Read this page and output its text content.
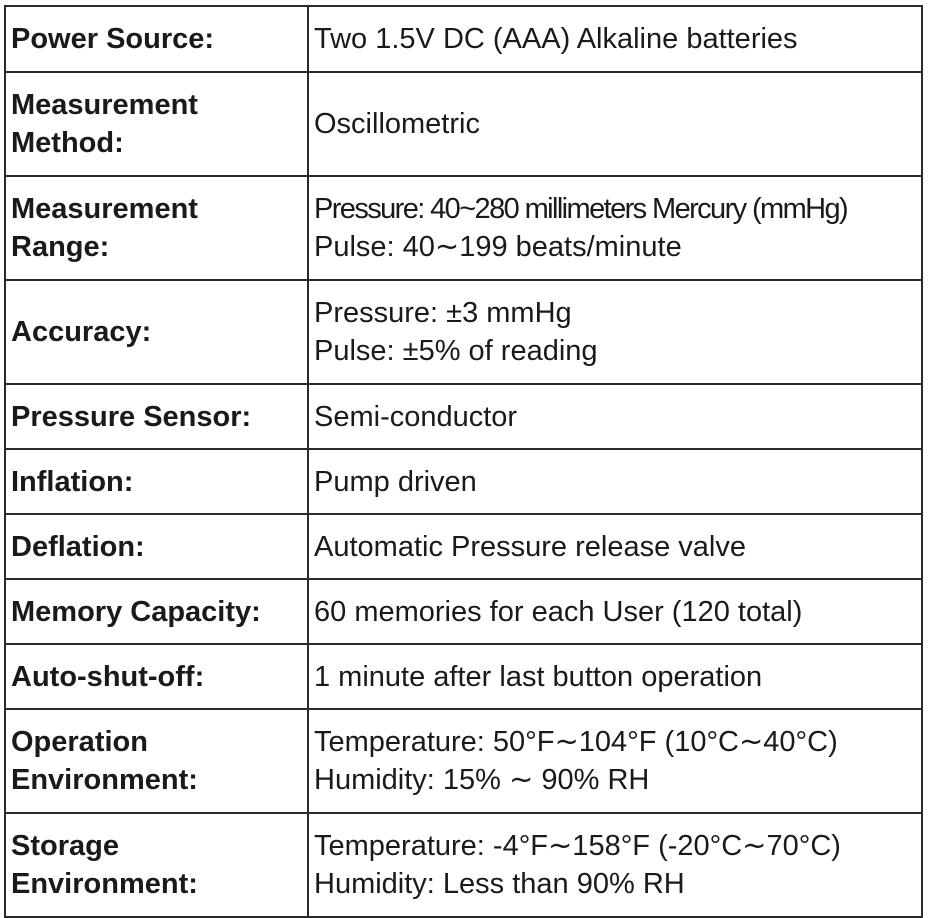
Power Source:	Two 1.5V DC (AAA) Alkaline batteries

Measurement
Method:	Oscillometric

Measurement
Range:	Pressure: 40~280 millimeters Mercury (mmHg)
Pulse: 40∼199 beats/minute

Accuracy:	Pressure: ±3 mmHg
Pulse: ±5% of reading

Pressure Sensor:	Semi-conductor

Inflation:	Pump driven

Deflation:	Automatic Pressure release valve

Memory Capacity:	60 memories for each User (120 total)

Auto-shut-off:	1 minute after last button operation

Operation
Environment:	Temperature: 50°F∼104°F (10°C∼40°C)
Humidity: 15% ∼ 90% RH

Storage
Environment:	Temperature: -4°F∼158°F (-20°C∼70°C)
Humidity: Less than 90% RH
